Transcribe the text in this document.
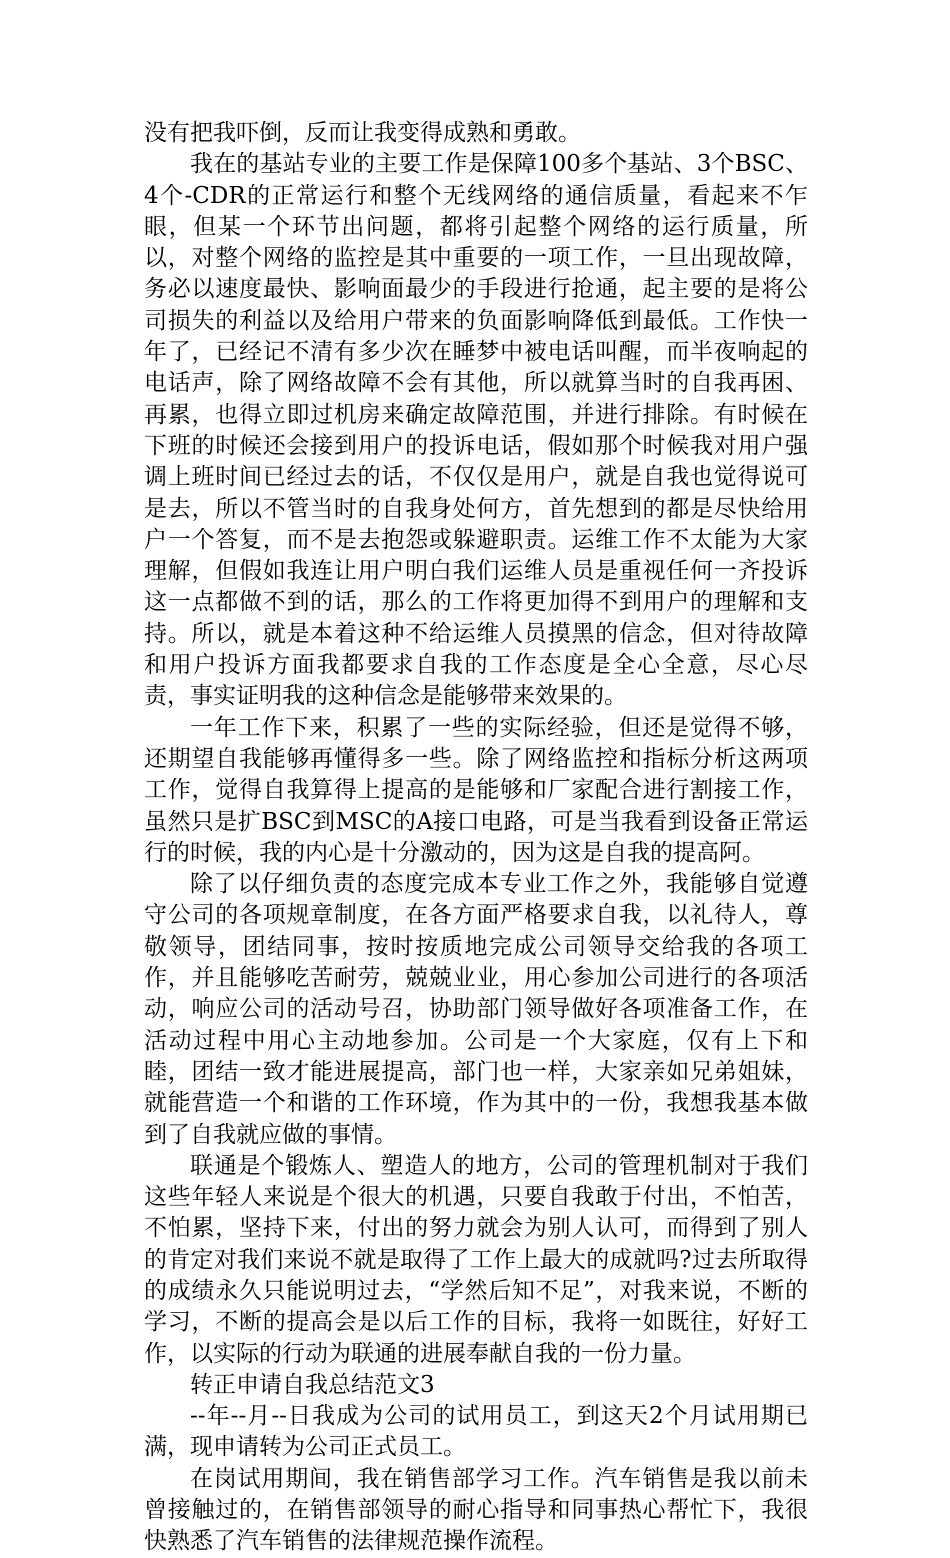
没有把我吓倒，反而让我变得成熟和勇敢。

我在的基站专业的主要工作是保障100多个基站、3个BSC、4个-CDR的正常运行和整个无线网络的通信质量，看起来不乍眼，但某一个环节出问题，都将引起整个网络的运行质量，所以，对整个网络的监控是其中重要的一项工作，一旦出现故障，务必以速度最快、影响面最少的手段进行抢通，起主要的是将公司损失的利益以及给用户带来的负面影响降低到最低。工作快一年了，已经记不清有多少次在睡梦中被电话叫醒，而半夜响起的电话声，除了网络故障不会有其他，所以就算当时的自我再困、再累，也得立即过机房来确定故障范围，并进行排除。有时候在下班的时候还会接到用户的投诉电话，假如那个时候我对用户强调上班时间已经过去的话，不仅仅是用户，就是自我也觉得说可是去，所以不管当时的自我身处何方，首先想到的都是尽快给用户一个答复，而不是去抱怨或躲避职责。运维工作不太能为大家理解，但假如我连让用户明白我们运维人员是重视任何一齐投诉这一点都做不到的话，那么的工作将更加得不到用户的理解和支持。所以，就是本着这种不给运维人员摸黑的信念，但对待故障和用户投诉方面我都要求自我的工作态度是全心全意，尽心尽责，事实证明我的这种信念是能够带来效果的。

一年工作下来，积累了一些的实际经验，但还是觉得不够，还期望自我能够再懂得多一些。除了网络监控和指标分析这两项工作，觉得自我算得上提高的是能够和厂家配合进行割接工作，虽然只是扩BSC到MSC的A接口电路，可是当我看到设备正常运行的时候，我的内心是十分激动的，因为这是自我的提高阿。

除了以仔细负责的态度完成本专业工作之外，我能够自觉遵守公司的各项规章制度，在各方面严格要求自我，以礼待人，尊敬领导，团结同事，按时按质地完成公司领导交给我的各项工作，并且能够吃苦耐劳，兢兢业业，用心参加公司进行的各项活动，响应公司的活动号召，协助部门领导做好各项准备工作，在活动过程中用心主动地参加。公司是一个大家庭，仅有上下和睦，团结一致才能进展提高，部门也一样，大家亲如兄弟姐妹，就能营造一个和谐的工作环境，作为其中的一份，我想我基本做到了自我就应做的事情。

联通是个锻炼人、塑造人的地方，公司的管理机制对于我们这些年轻人来说是个很大的机遇，只要自我敢于付出，不怕苦，不怕累，坚持下来，付出的努力就会为别人认可，而得到了别人的肯定对我们来说不就是取得了工作上最大的成就吗?过去所取得的成绩永久只能说明过去，“学然后知不足”，对我来说，不断的学习，不断的提高会是以后工作的目标，我将一如既往，好好工作，以实际的行动为联通的进展奉献自我的一份力量。

转正申请自我总结范文3

--年--月--日我成为公司的试用员工，到这天2个月试用期已满，现申请转为公司正式员工。

在岗试用期间，我在销售部学习工作。汽车销售是我以前未曾接触过的，在销售部领导的耐心指导和同事热心帮忙下，我很快熟悉了汽车销售的法律规范操作流程。
